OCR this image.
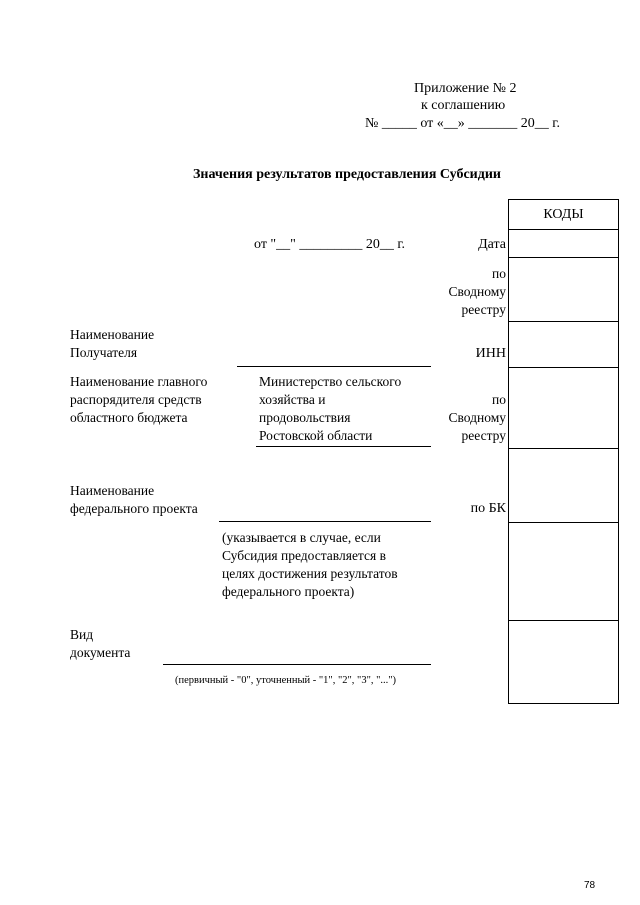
Приложение № 2
к соглашению
№ _____ от «__» _______ 20__ г.
Значения результатов предоставления Субсидии
от "__" _________ 20__ г.	Дата
по
Сводному
реестру
ИНН
по
Сводному
реестру
по БК
КОДЫ
Наименование
Получателя
Наименование главного
распорядителя средств
областного бюджета
Министерство сельского
хозяйства и
продовольствия
Ростовской области
Наименование
федерального проекта
(указывается в случае, если
Субсидия предоставляется в
целях достижения результатов
федерального проекта)
Вид
документа
(первичный - "0", уточненный - "1", "2", "3", "...")
78
